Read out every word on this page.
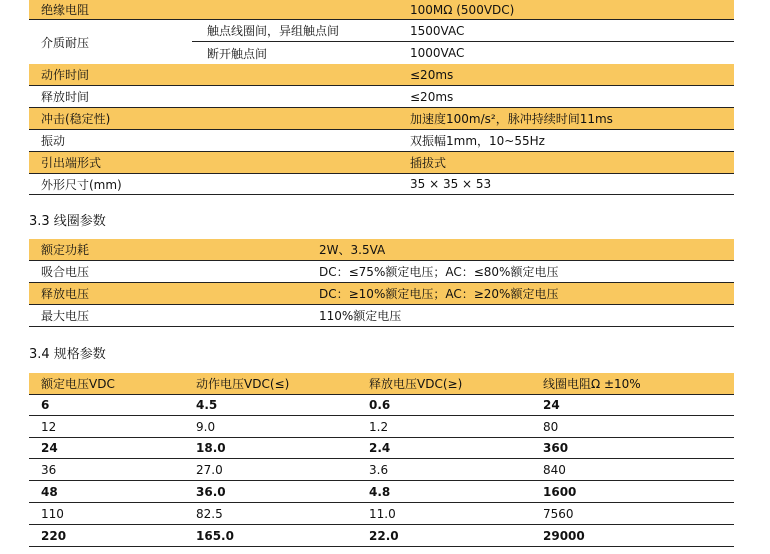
绝缘电阻	100MΩ (500VDC)
介质耐压
触点线圈间，异组触点间	1500VAC
断开触点间	1000VAC
动作时间	≤20ms
释放时间	≤20ms
冲击(稳定性)	加速度100m/s²，脉冲持续时间11ms
振动	双振幅1mm，10~55Hz
引出端形式	插拔式
外形尺寸(mm)	35 × 35 × 53
3.3 线圈参数
额定功耗	2W、3.5VA
吸合电压	DC：≤75%额定电压；AC：≤80%额定电压
释放电压	DC：≥10%额定电压；AC：≥20%额定电压
最大电压	110%额定电压
3.4 规格参数
额定电压VDC	动作电压VDC(≤)	释放电压VDC(≥)	线圈电阻Ω ±10%
6	4.5	0.6	24
12	9.0	1.2	80
24	18.0	2.4	360
36	27.0	3.6	840
48	36.0	4.8	1600
110	82.5	11.0	7560
220	165.0	22.0	29000
